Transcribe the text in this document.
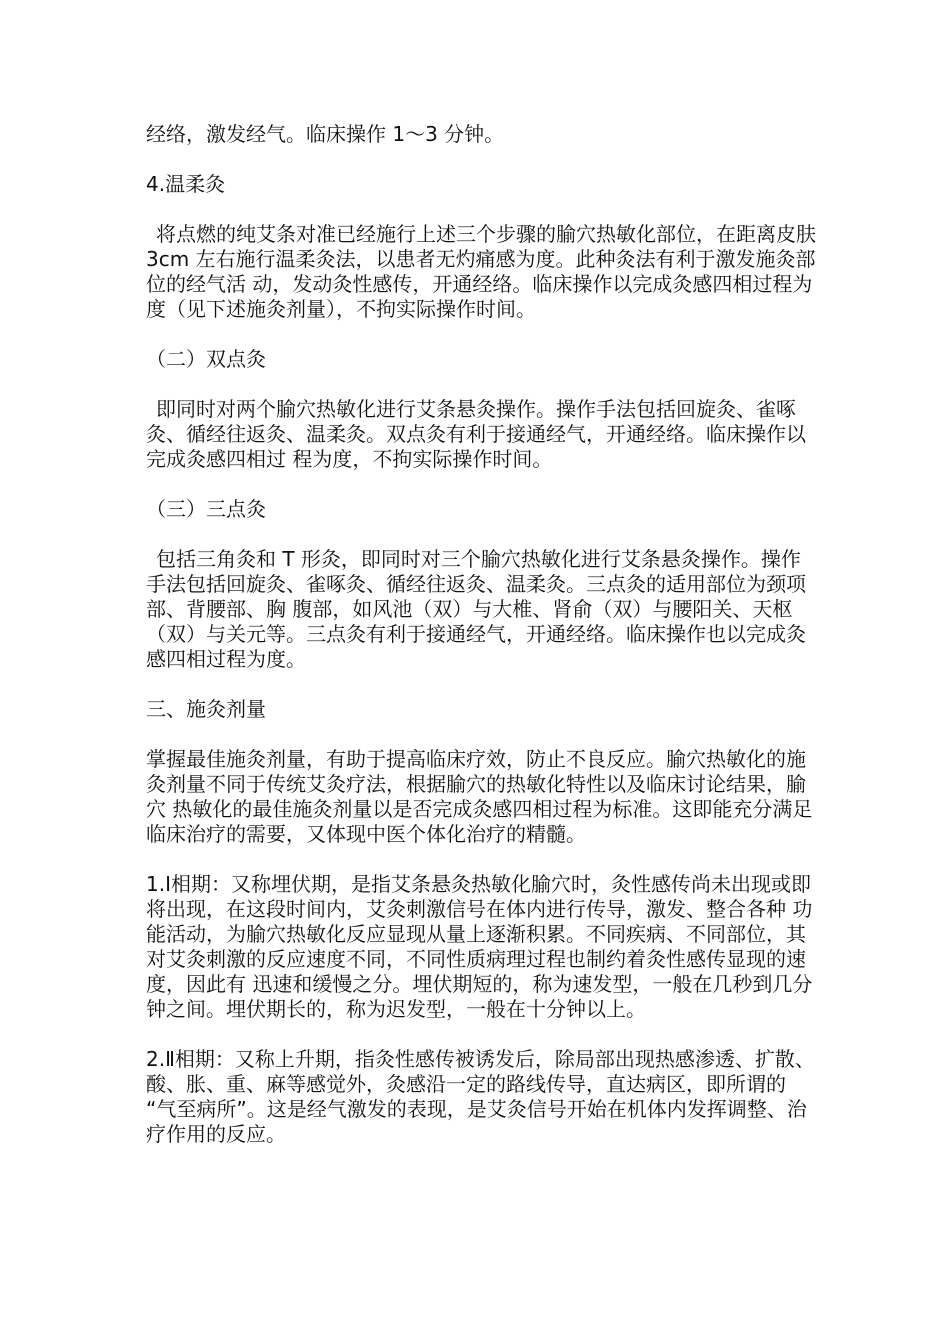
经络，激发经气。临床操作 1～3 分钟。

4.温柔灸

将点燃的纯艾条对准已经施行上述三个步骤的腧穴热敏化部位，在距离皮肤 3cm 左右施行温柔灸法，以患者无灼痛感为度。此种灸法有利于激发施灸部位的经气活 动，发动灸性感传，开通经络。临床操作以完成灸感四相过程为度（见下述施灸剂量），不拘实际操作时间。

（二）双点灸

即同时对两个腧穴热敏化进行艾条悬灸操作。操作手法包括回旋灸、雀啄灸、循经往返灸、温柔灸。双点灸有利于接通经气，开通经络。临床操作以完成灸感四相过 程为度，不拘实际操作时间。

（三）三点灸

包括三角灸和 T 形灸，即同时对三个腧穴热敏化进行艾条悬灸操作。操作手法包括回旋灸、雀啄灸、循经往返灸、温柔灸。三点灸的适用部位为颈项部、背腰部、胸 腹部，如风池（双）与大椎、肾俞（双）与腰阳关、天枢（双）与关元等。三点灸有利于接通经气，开通经络。临床操作也以完成灸感四相过程为度。

三、施灸剂量

掌握最佳施灸剂量，有助于提高临床疗效，防止不良反应。腧穴热敏化的施灸剂量不同于传统艾灸疗法，根据腧穴的热敏化特性以及临床讨论结果，腧穴 热敏化的最佳施灸剂量以是否完成灸感四相过程为标准。这即能充分满足临床治疗的需要，又体现中医个体化治疗的精髓。

1.Ⅰ相期：又称埋伏期，是指艾条悬灸热敏化腧穴时，灸性感传尚未出现或即将出现，在这段时间内，艾灸刺激信号在体内进行传导，激发、整合各种 功能活动，为腧穴热敏化反应显现从量上逐渐积累。不同疾病、不同部位，其对艾灸刺激的反应速度不同，不同性质病理过程也制约着灸性感传显现的速度，因此有 迅速和缓慢之分。埋伏期短的，称为速发型，一般在几秒到几分钟之间。埋伏期长的，称为迟发型，一般在十分钟以上。

2.Ⅱ相期：又称上升期，指灸性感传被诱发后，除局部出现热感渗透、扩散、酸、胀、重、麻等感觉外，灸感沿一定的路线传导，直达病区，即所谓的 “气至病所”。这是经气激发的表现，是艾灸信号开始在机体内发挥调整、治疗作用的反应。
